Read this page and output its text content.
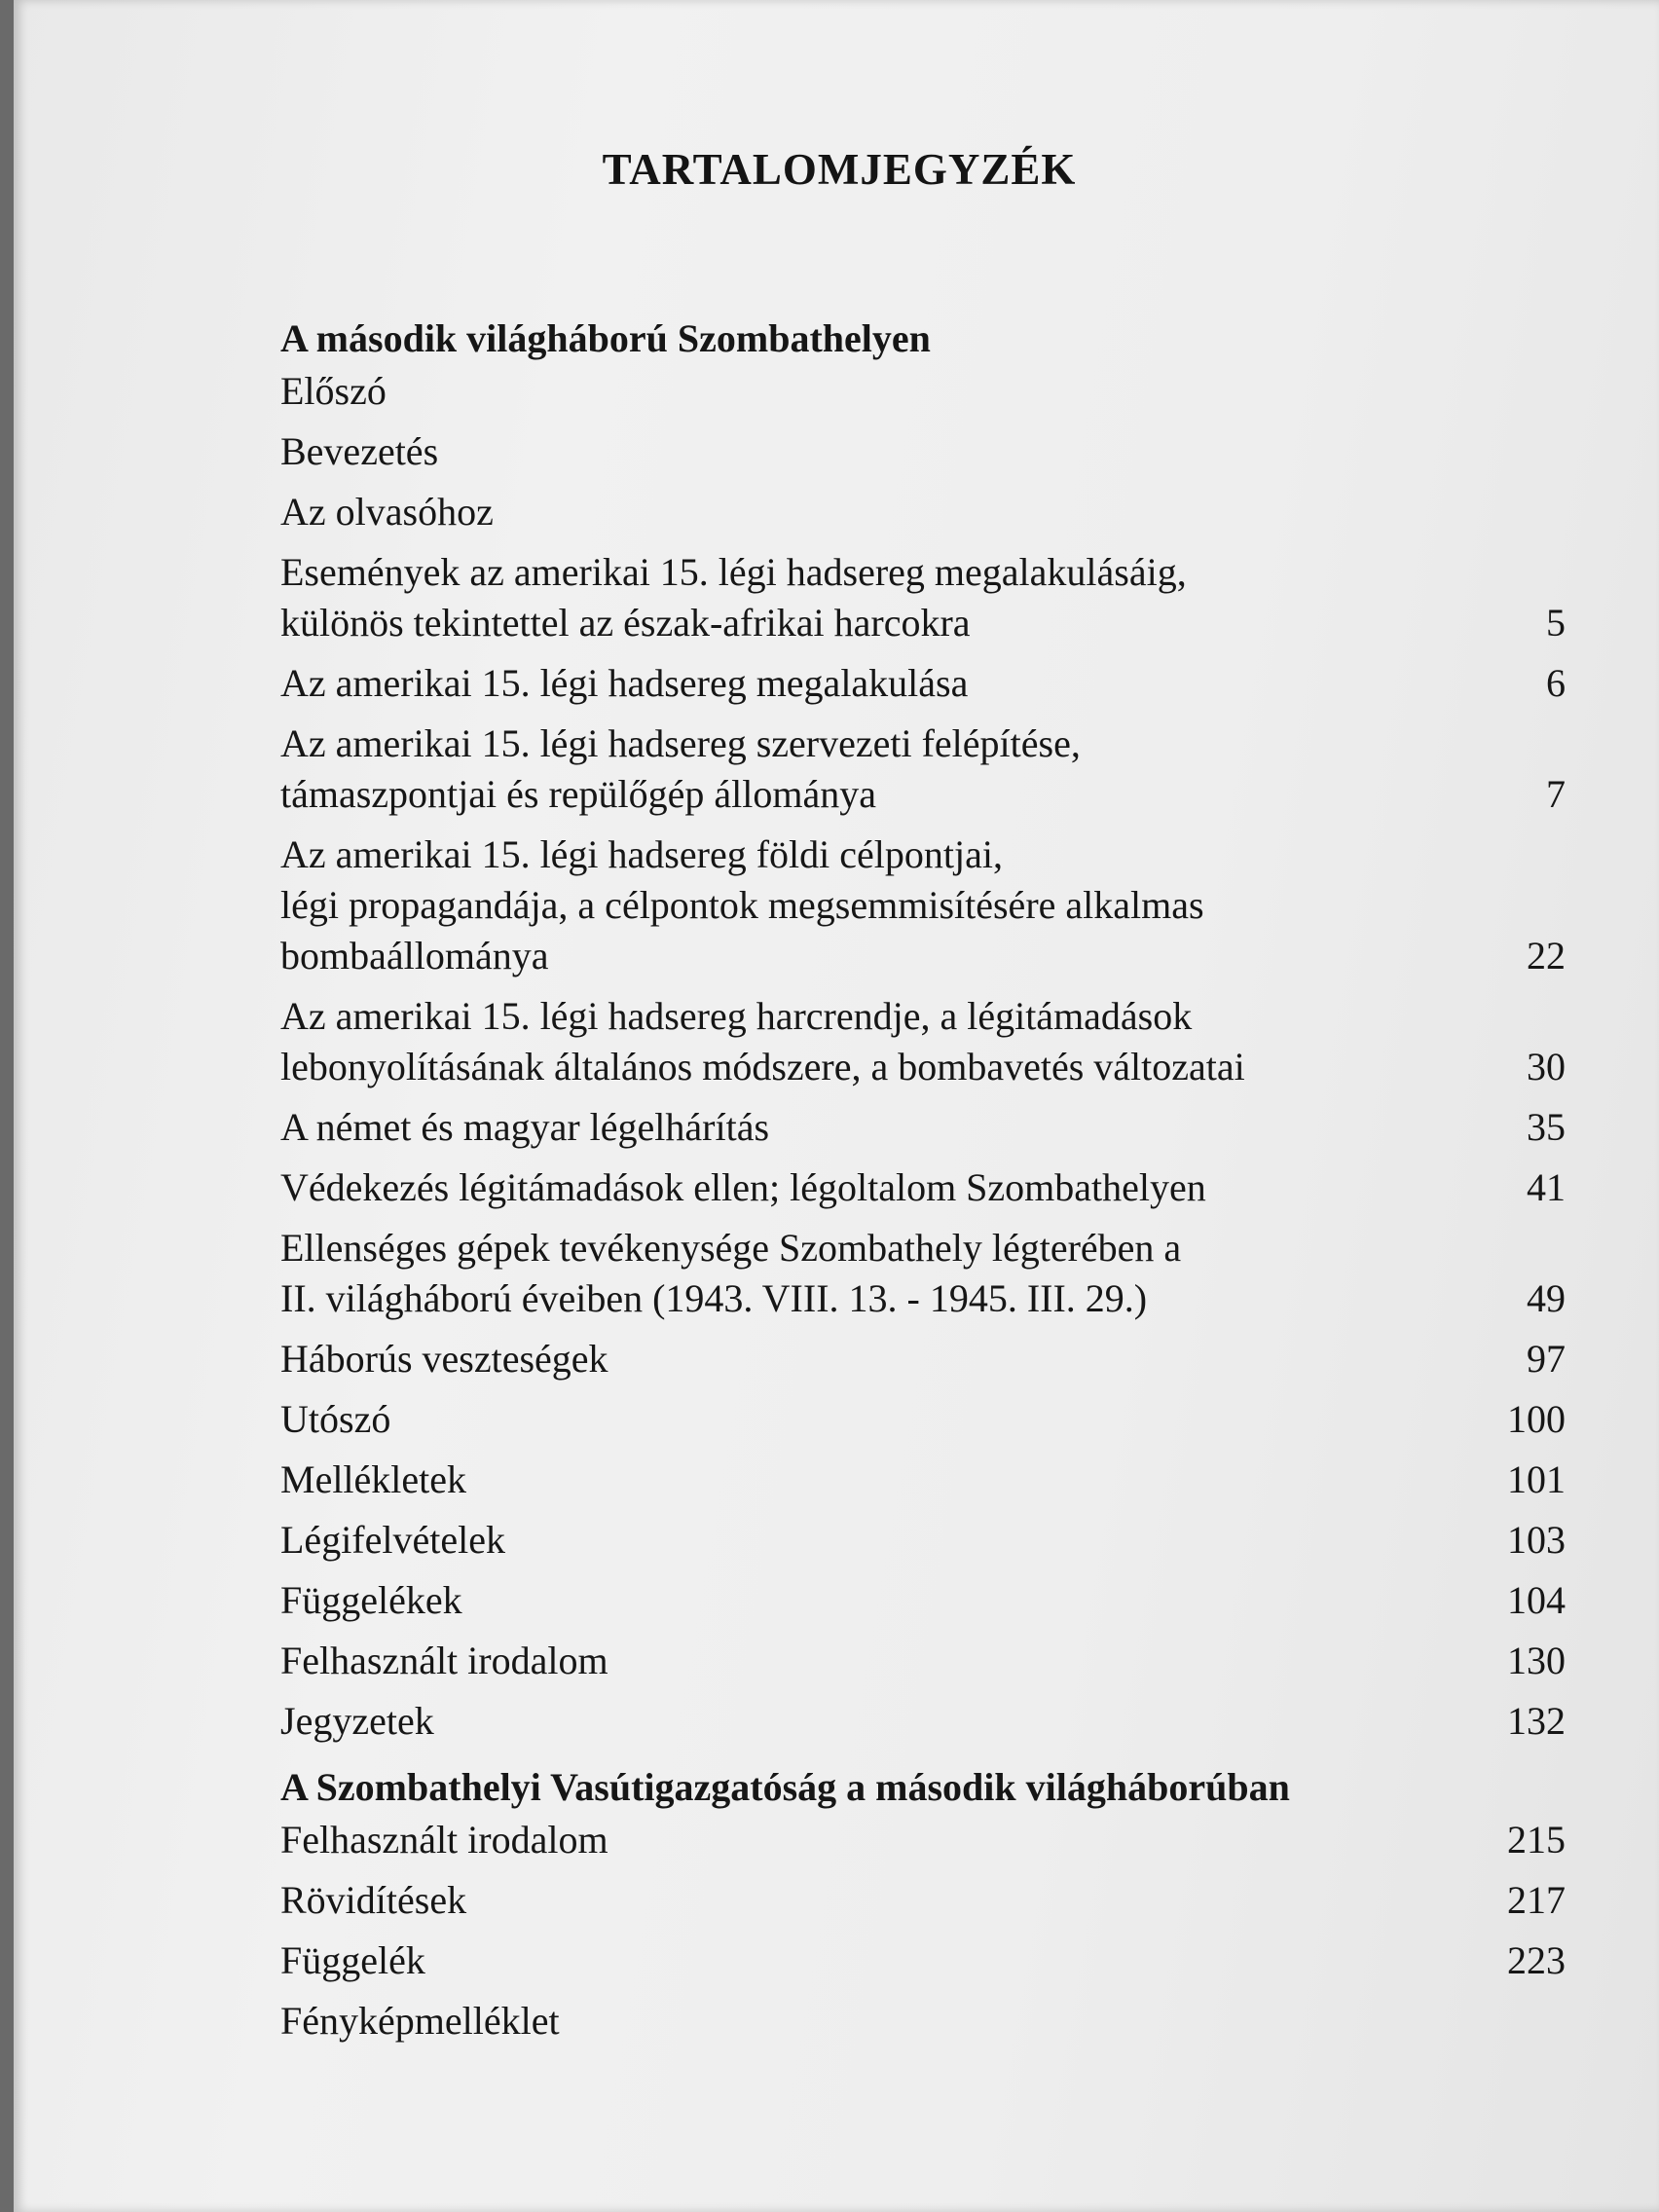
TARTALOMJEGYZÉK
A második világháború Szombathelyen
Előszó
Bevezetés
Az olvasóhoz
Események az amerikai 15. légi hadsereg megalakulásáig,
különös tekintettel az észak-afrikai harcokra	5
Az amerikai 15. légi hadsereg megalakulása	6
Az amerikai 15. légi hadsereg szervezeti felépítése,
támaszpontjai és repülőgép állománya	7
Az amerikai 15. légi hadsereg földi célpontjai,
légi propagandája, a célpontok megsemmisítésére alkalmas
bombaállománya	22
Az amerikai 15. légi hadsereg harcrendje, a légitámadások
lebonyolításának általános módszere, a bombavetés változatai	30
A német és magyar légelhárítás	35
Védekezés légitámadások ellen; légoltalom Szombathelyen	41
Ellenséges gépek tevékenysége Szombathely légterében a
II. világháború éveiben (1943. VIII. 13. - 1945. III. 29.)	49
Háborús veszteségek	97
Utószó	100
Mellékletek	101
Légifelvételek	103
Függelékek	104
Felhasznált irodalom	130
Jegyzetek	132
A Szombathelyi Vasútigazgatóság a második világháborúban
Felhasznált irodalom	215
Rövidítések	217
Függelék	223
Fényképmelléklet
